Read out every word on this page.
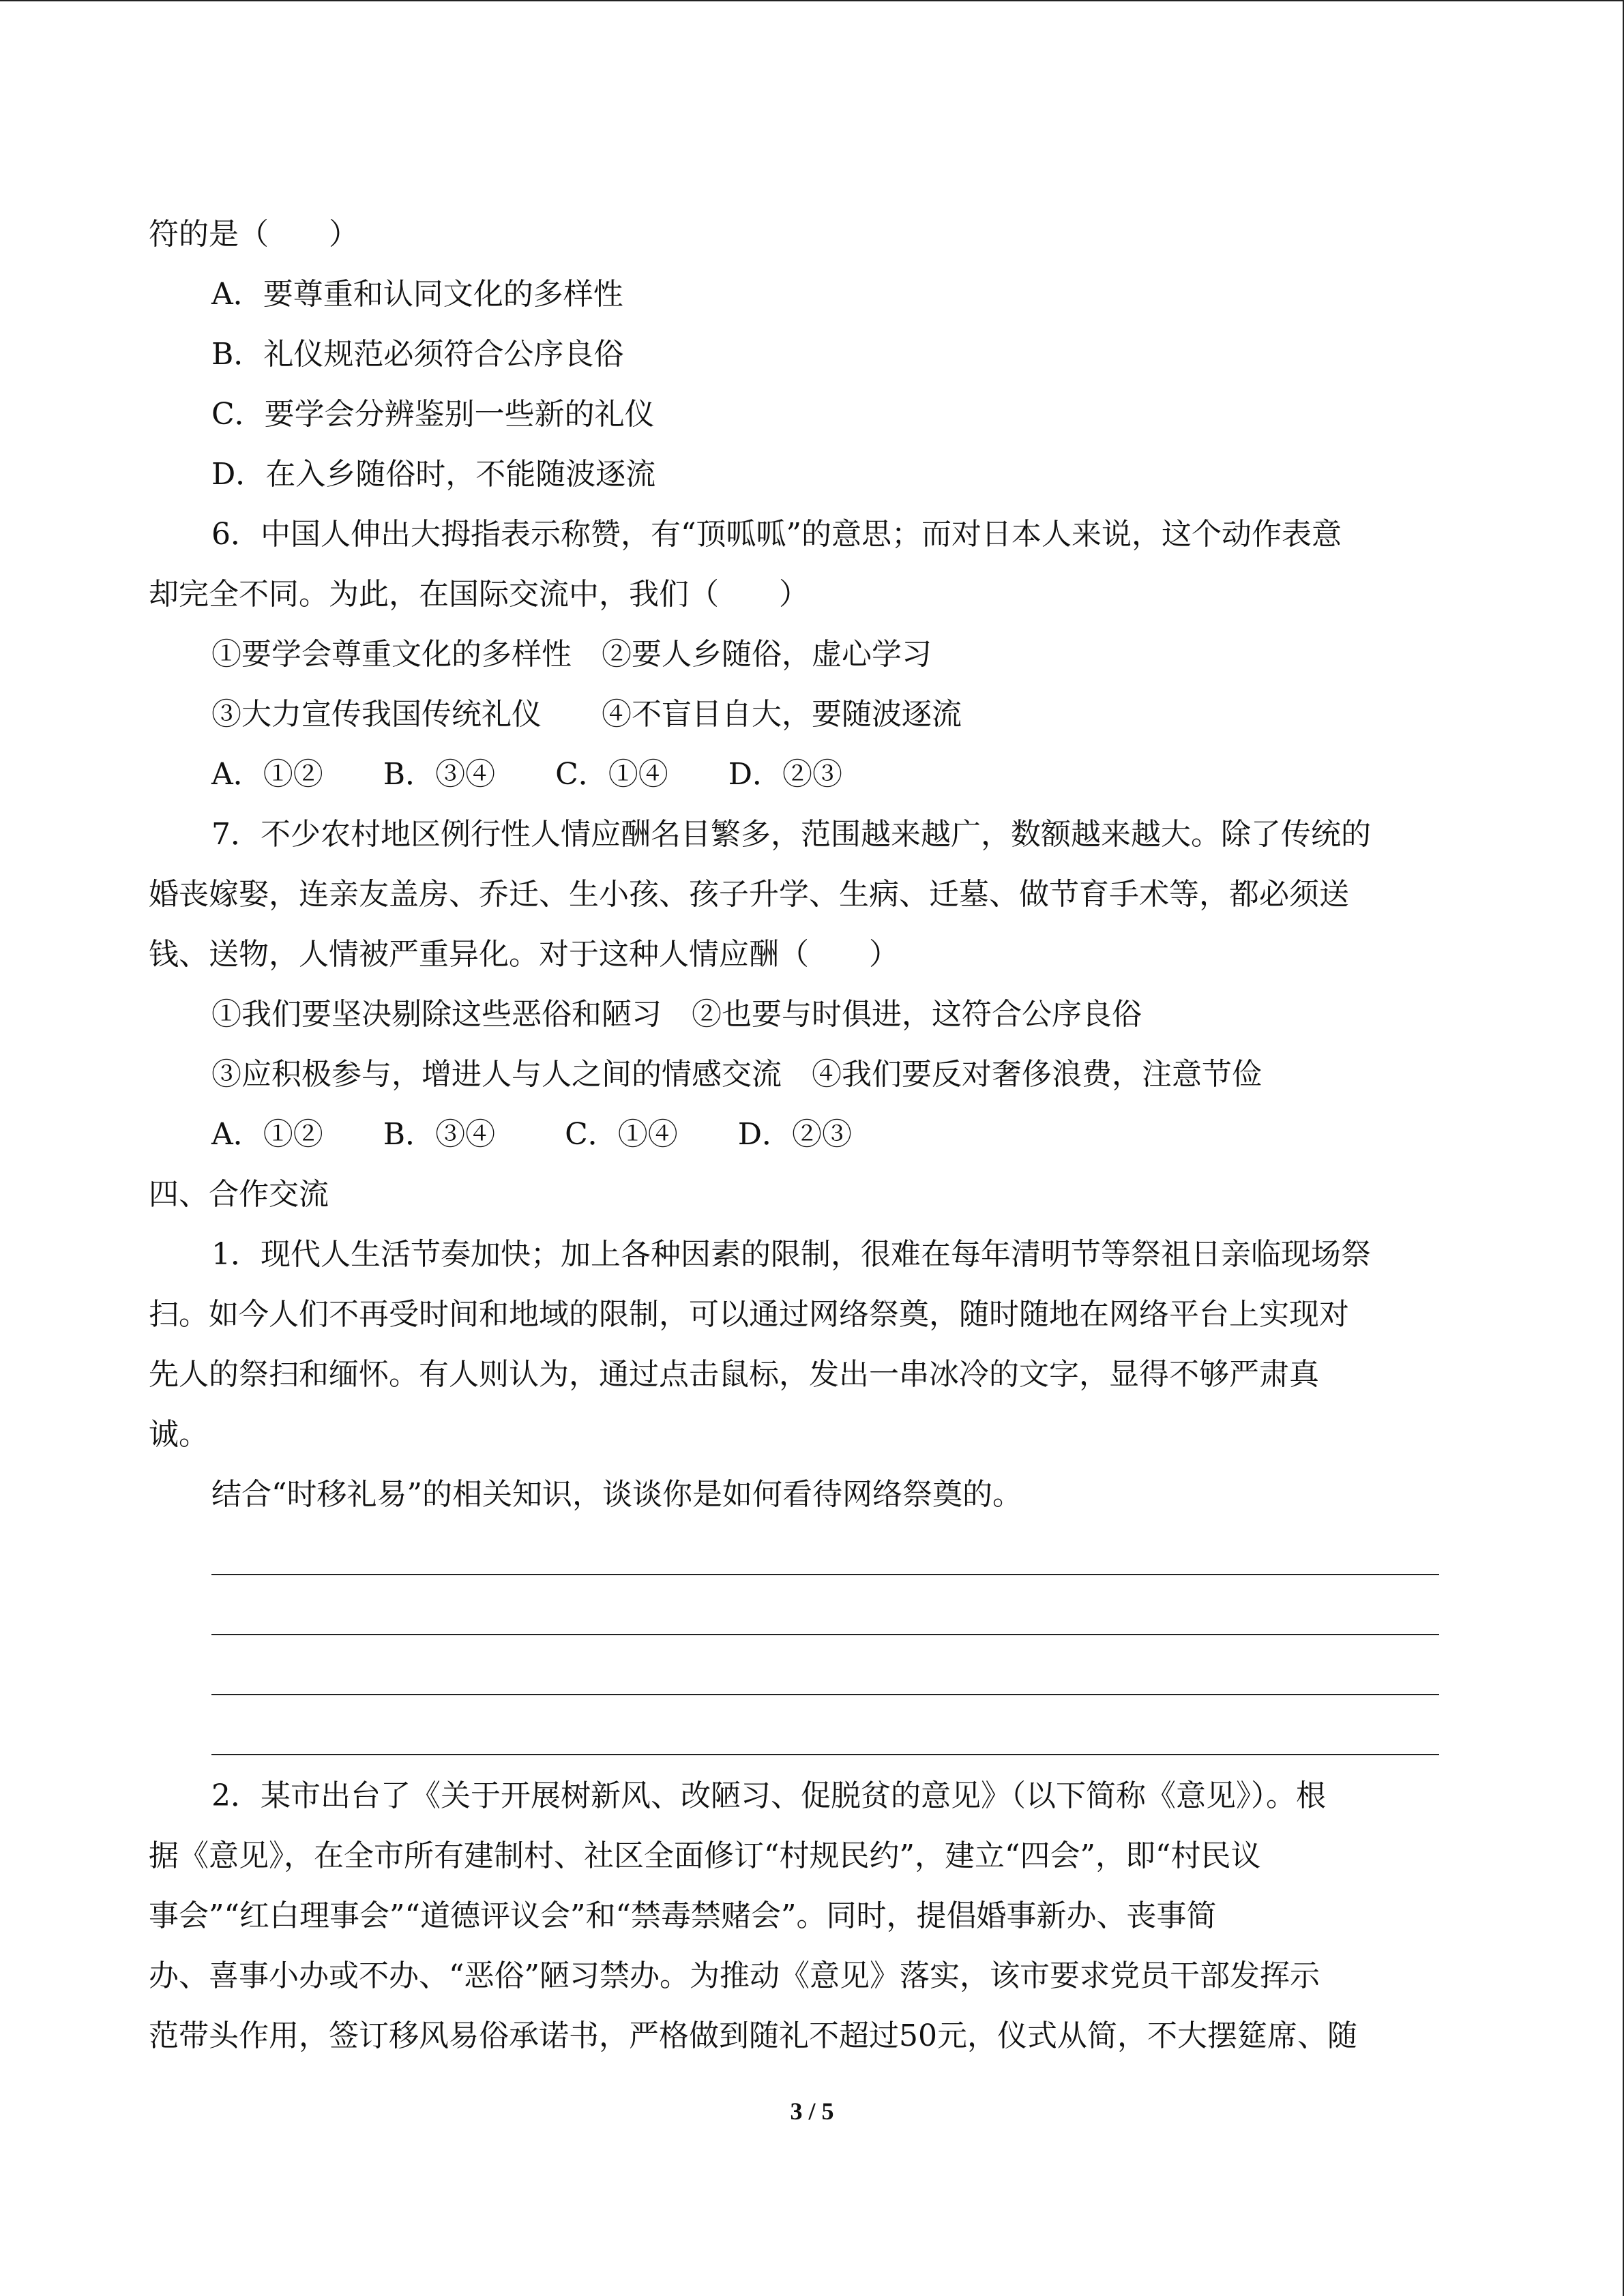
符的是（　　）
A．要尊重和认同文化的多样性
B．礼仪规范必须符合公序良俗
C．要学会分辨鉴别一些新的礼仪
D．在入乡随俗时，不能随波逐流
6．中国人伸出大拇指表示称赞，有“顶呱呱”的意思；而对日本人来说，这个动作表意
却完全不同。为此，在国际交流中，我们（　　）
①要学会尊重文化的多样性　②要人乡随俗，虚心学习
③大力宣传我国传统礼仪　　④不盲目自大，要随波逐流
A．①②　　B．③④　　C．①④　　D．②③
7．不少农村地区例行性人情应酬名目繁多，范围越来越广，数额越来越大。除了传统的
婚丧嫁娶，连亲友盖房、乔迁、生小孩、孩子升学、生病、迁墓、做节育手术等，都必须送
钱、送物，人情被严重异化。对于这种人情应酬（　　）
①我们要坚决剔除这些恶俗和陋习　②也要与时俱进，这符合公序良俗
③应积极参与，增进人与人之间的情感交流　④我们要反对奢侈浪费，注意节俭
A．①②　　B．③④　　 C．①④　　D．②③
四、合作交流
1．现代人生活节奏加快；加上各种因素的限制，很难在每年清明节等祭祖日亲临现场祭
扫。如今人们不再受时间和地域的限制，可以通过网络祭奠，随时随地在网络平台上实现对
先人的祭扫和缅怀。有人则认为，通过点击鼠标，发出一串冰冷的文字，显得不够严肃真
诚。
结合“时移礼易”的相关知识，谈谈你是如何看待网络祭奠的。
2．某市出台了《关于开展树新风、改陋习、促脱贫的意见》（以下简称《意见》）。根
据《意见》，在全市所有建制村、社区全面修订“村规民约”，建立“四会”，即“村民议
事会”“红白理事会”“道德评议会”和“禁毒禁赌会”。同时，提倡婚事新办、丧事简
办、喜事小办或不办、“恶俗”陋习禁办。为推动《意见》落实，该市要求党员干部发挥示
范带头作用，签订移风易俗承诺书，严格做到随礼不超过50元，仪式从简，不大摆筵席、随
3 / 5
